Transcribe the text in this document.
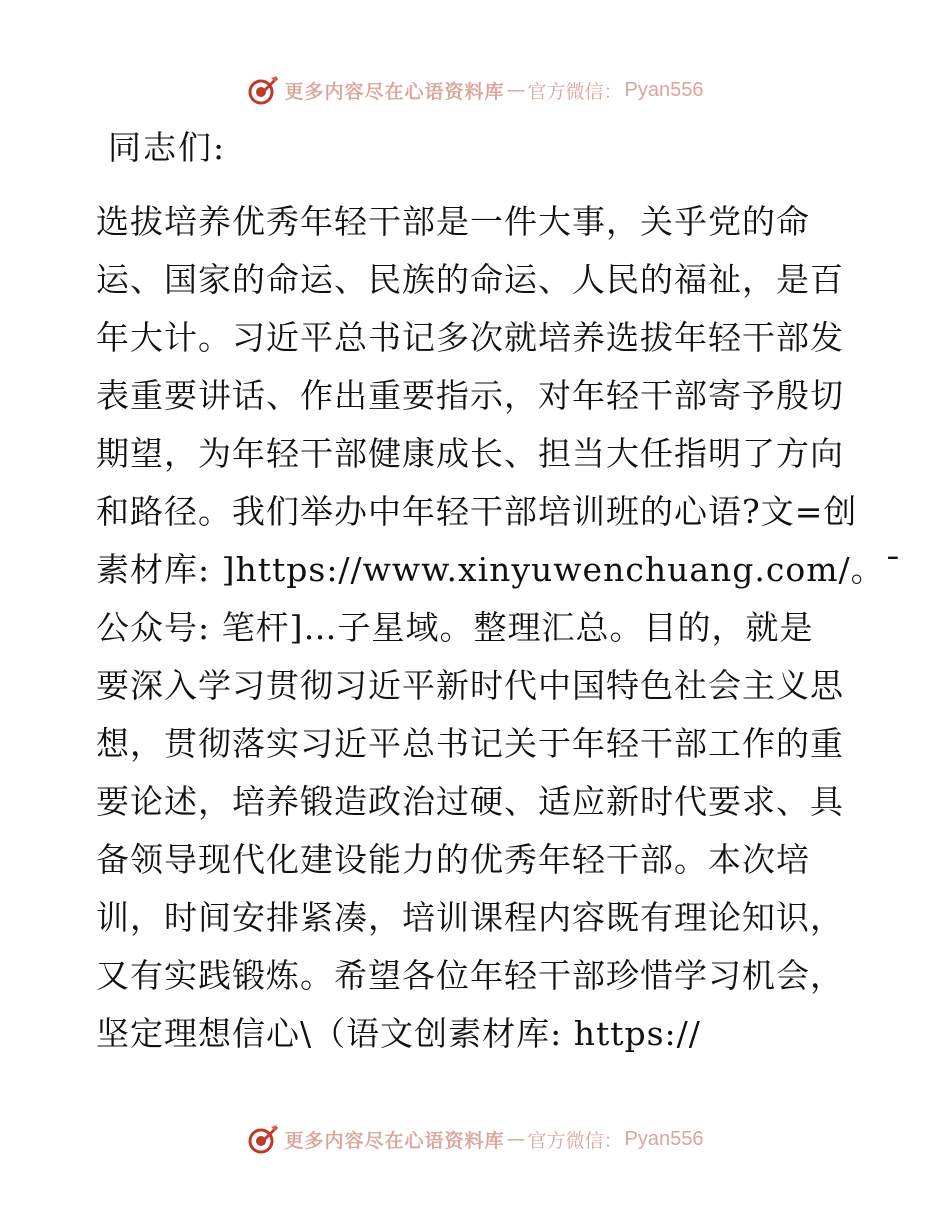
更多内容尽在心语资料库 — 官方微信： Pyan556
同志们:
选拔培养优秀年轻干部是一件大事，关乎党的命
运、国家的命运、民族的命运、人民的福祉，是百
年大计。习近平总书记多次就培养选拔年轻干部发
表重要讲话、作出重要指示，对年轻干部寄予殷切
期望，为年轻干部健康成长、担当大任指明了方向
和路径。我们举办中年轻干部培训班的心语?文=创
素材库: ]https://www.xinyuwenchuang.com/。¯
公众号: 笔杆]…子星域。整理汇总。目的，就是
要深入学习贯彻习近平新时代中国特色社会主义思
想，贯彻落实习近平总书记关于年轻干部工作的重
要论述，培养锻造政治过硬、适应新时代要求、具
备领导现代化建设能力的优秀年轻干部。本次培
训，时间安排紧凑，培训课程内容既有理论知识，
又有实践锻炼。希望各位年轻干部珍惜学习机会，
坚定理想信心\（语文创素材库: https://
更多内容尽在心语资料库 — 官方微信： Pyan556
